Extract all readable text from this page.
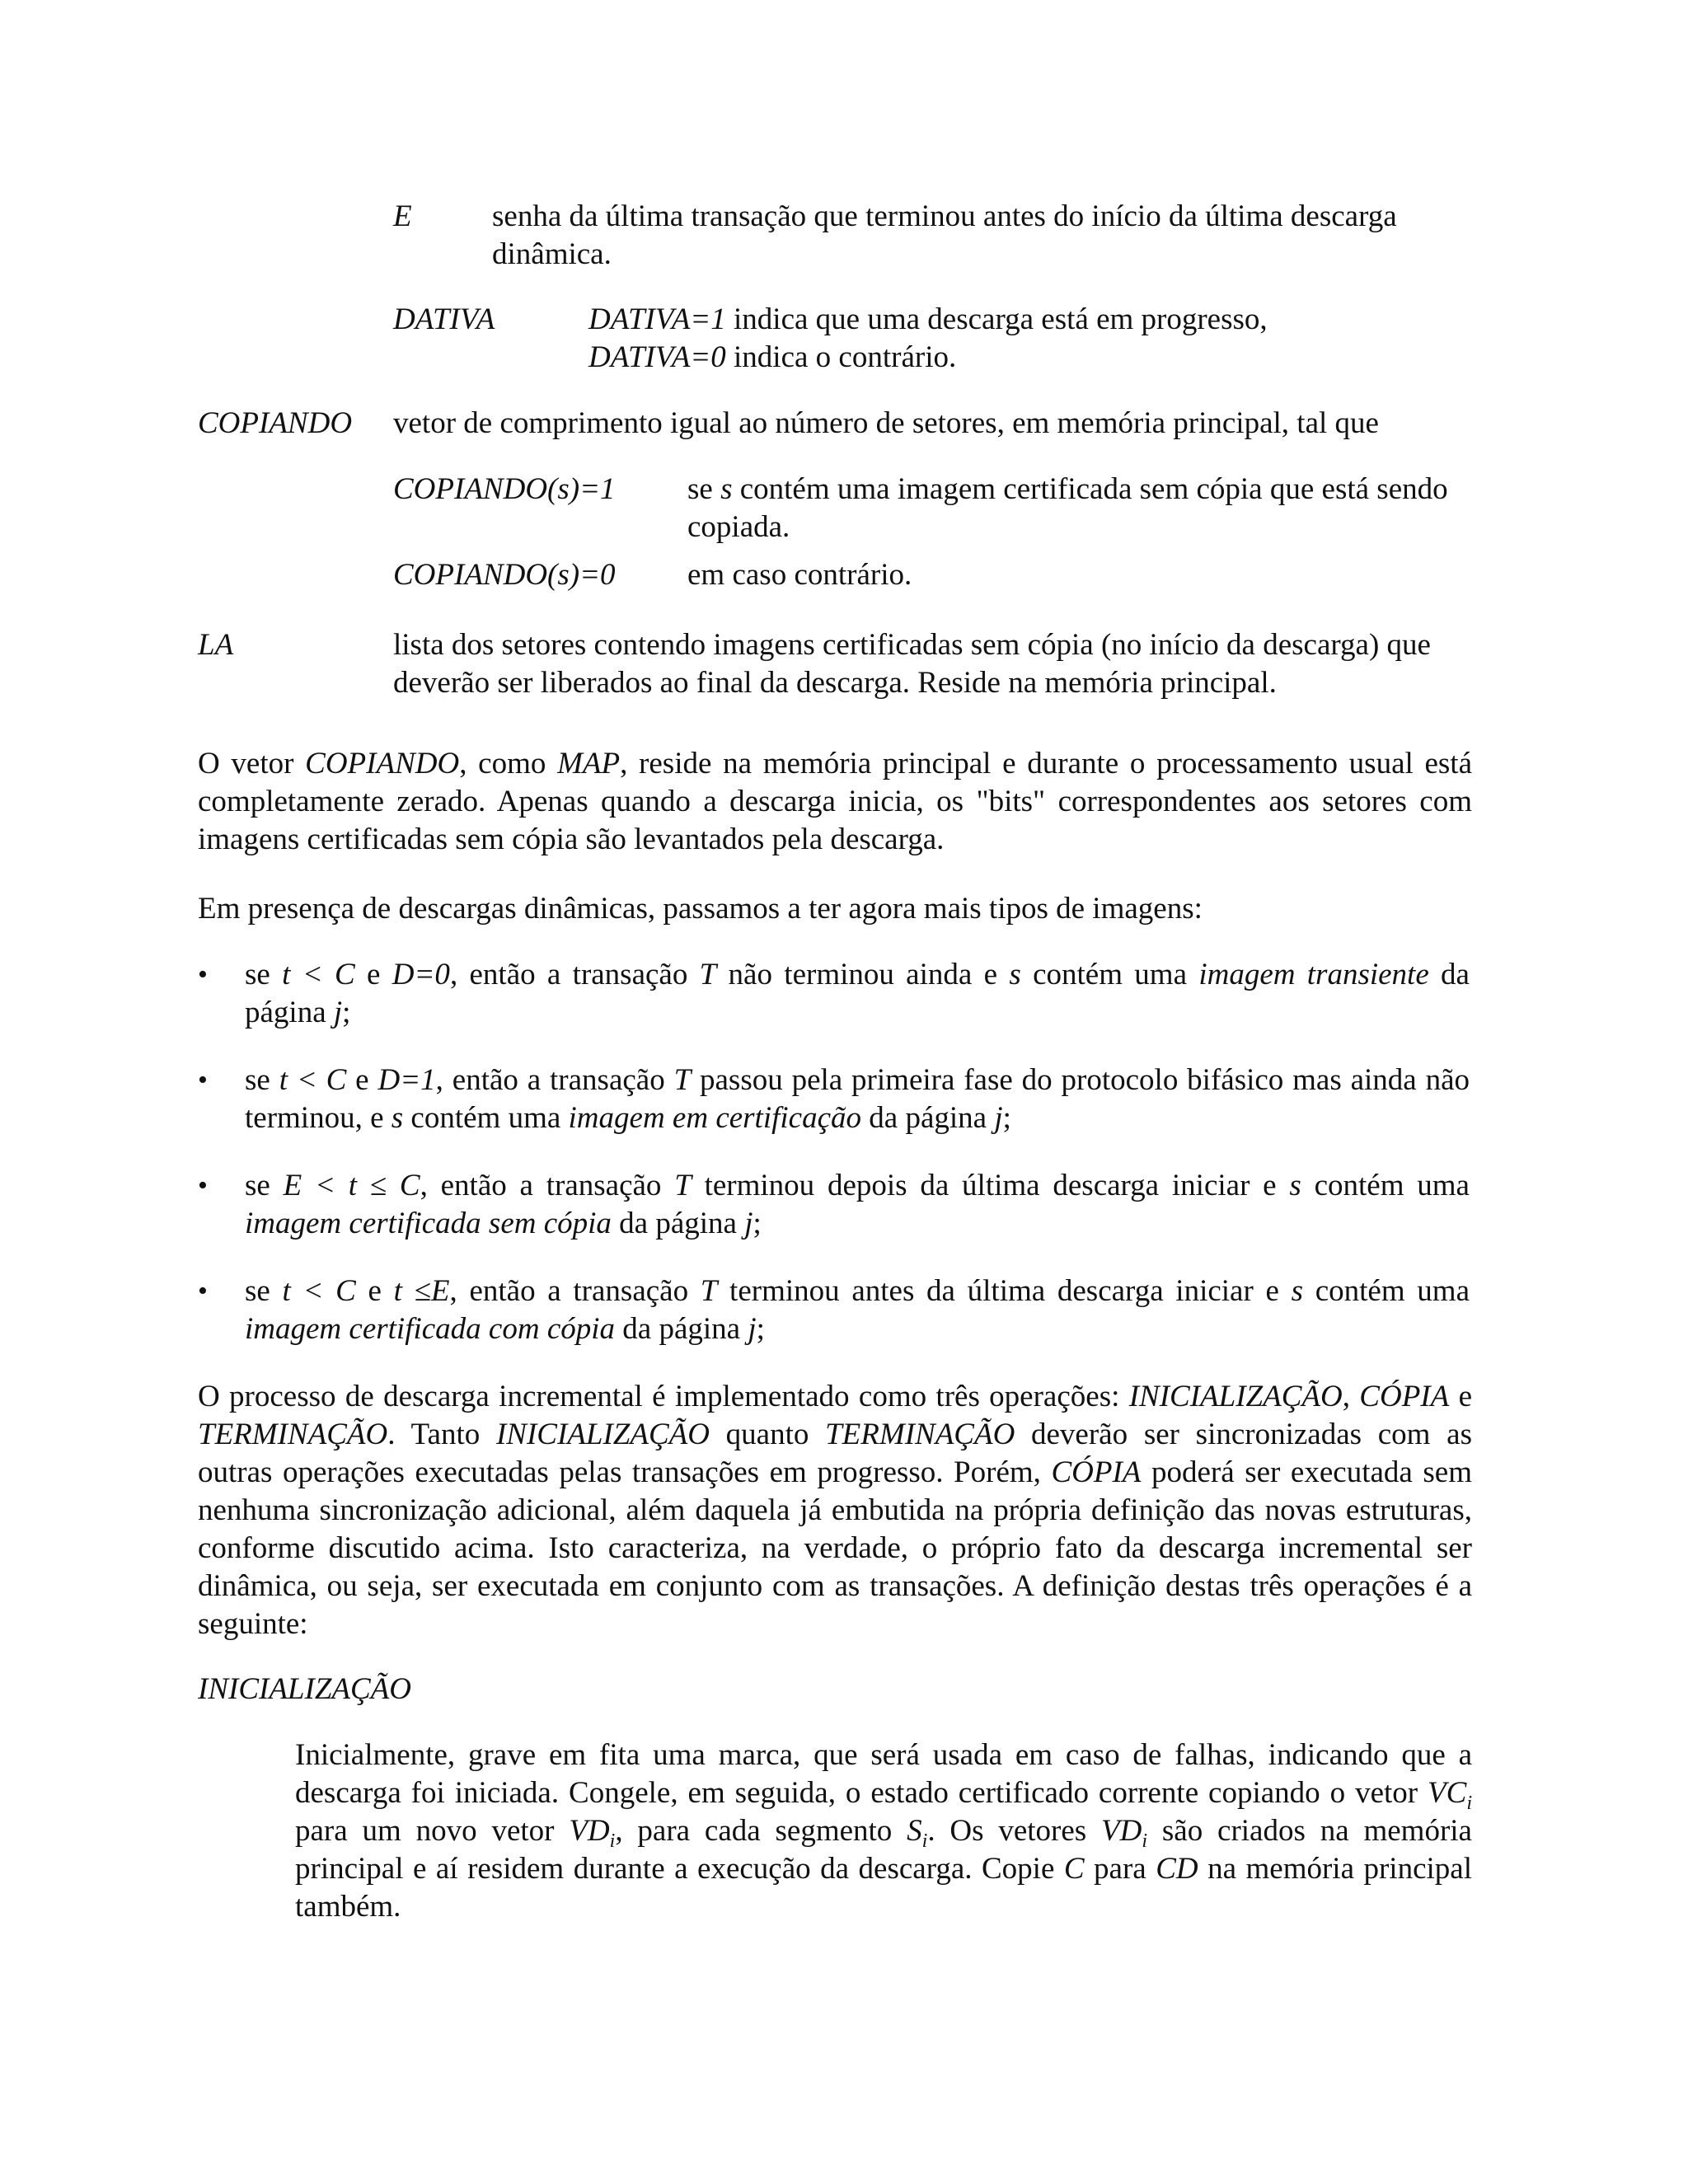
E	senha da última transação que terminou antes do início da última descarga dinâmica.

DATIVA	DATIVA=1 indica que uma descarga está em progresso,

DATIVA=0 indica o contrário.

COPIANDO vetor de comprimento igual ao número de setores, em memória principal, tal que

COPIANDO(s)=1 se s contém uma imagem certificada sem cópia que está sendo copiada.

COPIANDO(s)=0 em caso contrário.

LA	lista dos setores contendo imagens certificadas sem cópia (no início da descarga) que deverão ser liberados ao final da descarga. Reside na memória principal.

O vetor COPIANDO, como MAP, reside na memória principal e durante o processamento usual está completamente zerado. Apenas quando a descarga inicia, os "bits" correspondentes aos setores com imagens certificadas sem cópia são levantados pela descarga.

Em presença de descargas dinâmicas, passamos a ter agora mais tipos de imagens:

• se t < C e D=0, então a transação T não terminou ainda e s contém uma imagem transiente da página j;

• se t < C e D=1, então a transação T passou pela primeira fase do protocolo bifásico mas ainda não terminou, e s contém uma imagem em certificação da página j;

• se E < t ≤ C, então a transação T terminou depois da última descarga iniciar e s contém uma imagem certificada sem cópia da página j;

• se t < C e t ≤E, então a transação T terminou antes da última descarga iniciar e s contém uma imagem certificada com cópia da página j;

O processo de descarga incremental é implementado como três operações: INICIALIZAÇÃO, CÓPIA e TERMINAÇÃO. Tanto INICIALIZAÇÃO quanto TERMINAÇÃO deverão ser sincronizadas com as outras operações executadas pelas transações em progresso. Porém, CÓPIA poderá ser executada sem nenhuma sincronização adicional, além daquela já embutida na própria definição das novas estruturas, conforme discutido acima. Isto caracteriza, na verdade, o próprio fato da descarga incremental ser dinâmica, ou seja, ser executada em conjunto com as transações. A definição destas três operações é a seguinte:

INICIALIZAÇÃO

Inicialmente, grave em fita uma marca, que será usada em caso de falhas, indicando que a descarga foi iniciada. Congele, em seguida, o estado certificado corrente copiando o vetor $VC_i$ para um novo vetor $VD_i$, para cada segmento $S_i$. Os vetores $VD_i$ são criados na memória principal e aí residem durante a execução da descarga. Copie C para CD na memória principal também.
